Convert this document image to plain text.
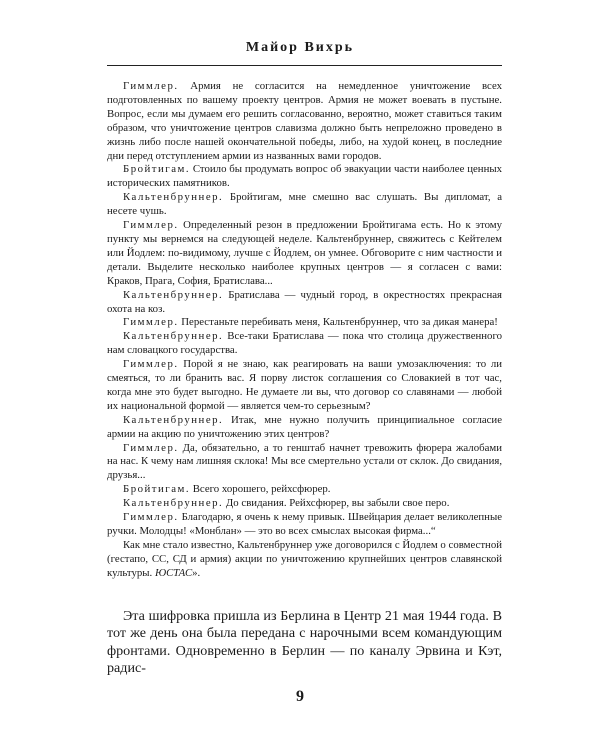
Майор Вихрь

Гиммлер. Армия не согласится на немедленное уничтожение всех подготовленных по вашему проекту центров. Армия не может воевать в пустыне. Вопрос, если мы думаем его решить согласованно, вероятно, может ставиться таким образом, что уничтожение центров славизма должно быть непреложно проведено в жизнь либо после нашей окончательной победы, либо, на худой конец, в последние дни перед отступлением армии из названных вами городов.

Бройтигам. Стоило бы продумать вопрос об эвакуации части наиболее ценных исторических памятников.

Кальтенбруннер. Бройтигам, мне смешно вас слушать. Вы дипломат, а несете чушь.

Гиммлер. Определенный резон в предложении Бройтигама есть. Но к этому пункту мы вернемся на следующей неделе. Кальтенбруннер, свяжитесь с Кейтелем или Йодлем: по-видимому, лучше с Йодлем, он умнее. Обговорите с ним частности и детали. Выделите несколько наиболее крупных центров — я согласен с вами: Краков, Прага, София, Братислава...

Кальтенбруннер. Братислава — чудный город, в окрестностях прекрасная охота на коз.

Гиммлер. Перестаньте перебивать меня, Кальтенбруннер, что за дикая манера!

Кальтенбруннер. Все-таки Братислава — пока что столица дружественного нам словацкого государства.

Гиммлер. Порой я не знаю, как реагировать на ваши умозаключения: то ли смеяться, то ли бранить вас. Я порву листок соглашения со Словакией в тот час, когда мне это будет выгодно. Не думаете ли вы, что договор со славянами — любой их национальной формой — является чем-то серьезным?

Кальтенбруннер. Итак, мне нужно получить принципиальное согласие армии на акцию по уничтожению этих центров?

Гиммлер. Да, обязательно, а то генштаб начнет тревожить фюрера жалобами на нас. К чему нам лишняя склока! Мы все смертельно устали от склок. До свидания, друзья...

Бройтигам. Всего хорошего, рейхсфюрер.

Кальтенбруннер. До свидания. Рейхсфюрер, вы забыли свое перо.

Гиммлер. Благодарю, я очень к нему привык. Швейцария делает великолепные ручки. Молодцы! «Монблан» — это во всех смыслах высокая фирма...“

Как мне стало известно, Кальтенбруннер уже договорился с Йодлем о совместной (гестапо, СС, СД и армия) акции по уничтожению крупнейших центров славянской культуры. ЮСТАС».

Эта шифровка пришла из Берлина в Центр 21 мая 1944 года. В тот же день она была передана с нарочными всем командующим фронтами. Одновременно в Берлин — по каналу Эрвина и Кэт, радис-

9
